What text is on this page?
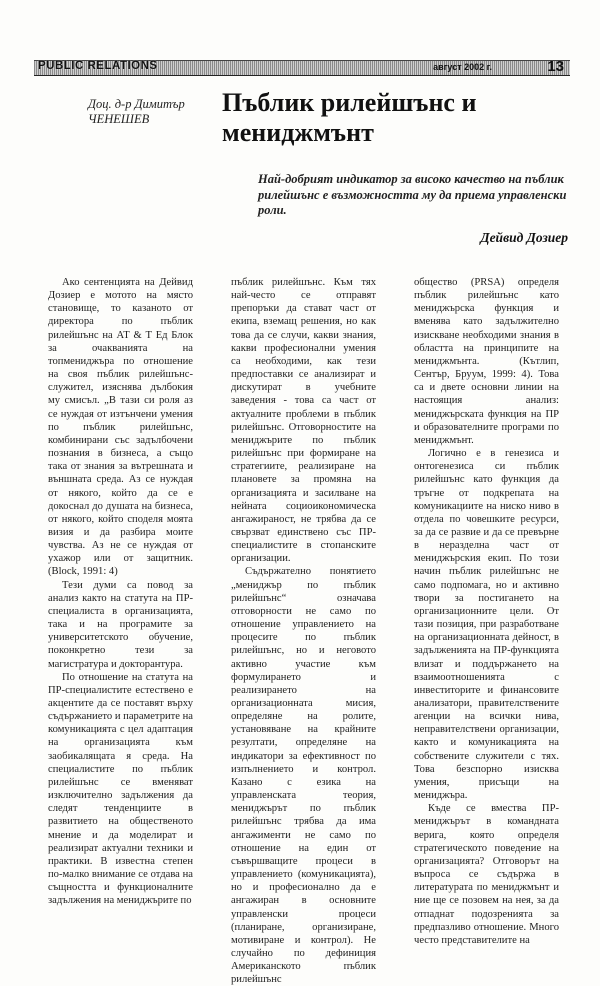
PUBLIC RELATIONS	август 2002 г.	13
Доц. д-р Димитър
ЧЕНЕШЕВ
Пъблик рилейшънс и мениджмънт
Най-добрият индикатор за високо качество на пъблик рилейшънс е възможността му да приема управленски роли.
Дейвид Дозиер

Ако сентенцията на Дейвид Дозиер е мотото на място становище, то казаното от директора по пъблик рилейшънс на АТ & Т Ед Блок за очакванията на топмениджъра по отношение на своя пъблик рилейшънс-служител, изяснява дълбокия му смисъл. „В тази си роля аз се нуждая от изтънчени умения по пъблик рилейшънс, комбинирани със задълбочени познания в бизнеса, а също така от знания за вътрешната и външната среда. Аз се нуждая от някого, който да се е докоснал до душата на бизнеса, от някого, който споделя моята визия и да разбира моите чувства. Аз не се нуждая от ухажор или от защитник. (Block, 1991: 4)

Тези думи са повод за анализ както на статута на ПР-специалиста в организацията, така и на програмите за университетското обучение, поконкретно тези за магистратура и докторантура.

По отношение на статута на ПР-специалистите естествено е акцентите да се поставят върху съдържанието и параметрите на комуникацията с цел адаптация на организацията към заобикалящата я среда. На специалистите по пъблик рилейшънс се вменяват изключително задължения да следят тенденциите в развитието на общественото мнение и да моделират и реализират актуални техники и практики. В известна степен по-малко внимание се отдава на същността и функционалните задължения на мениджърите по

пъблик рилейшънс. Към тях най-често се отправят препоръки да стават част от екипа, вземащ решения, но как това да се случи, какви знания, какви професионални умения са необходими, как тези предпоставки се анализират и дискутират в учебните заведения - това са част от актуалните проблеми в пъблик рилейшънс. Отговорностите на мениджърите по пъблик рилейшънс при формиране на стратегиите, реализиране на плановете за промяна на организацията и засилване на нейната социоикономическа ангажираност, не трябва да се свързват единствено със ПР-специалистите в стопанските организации.

Съдържателно понятието „мениджър по пъблик рилейшънс“ означава отговорности не само по отношение управлението на процесите по пъблик рилейшънс, но и неговото активно участие към формулирането и реализирането на организационната мисия, определяне на ролите, установяване на крайните резултати, определяне на индикатори за ефективност по изпълнението и контрол. Казано с езика на управленската теория, мениджърът по пъблик рилейшънс трябва да има ангажименти не само по отношение на един от съвършващите процеси в управлението (комуникацията), но и професионално да е ангажиран в основните управленски процеси (планиране, организиране, мотивиране и контрол). Не случайно по дефиниция Американското пъблик рилейшънс

общество (PRSA) определя пъблик рилейшънс като мениджърска функция и вменява като задължително изискване необходими знания в областта на принципите на мениджмънта. (Кътлип, Сентър, Бруум, 1999: 4). Това са и двете основни линии на настоящия анализ: мениджърската функция на ПР и образователните програми по мениджмънт.

Логично е в генезиса и онтогенезиса си пъблик рилейшънс като функция да тръгне от подкрепата на комуникациите на ниско ниво в отдела по човешките ресурси, за да се развие и да се превърне в неразделна част от мениджърския екип. По този начин пъблик рилейшънс не само подпомага, но и активно твори за постигането на организационните цели. От тази позиция, при разработване на организационната дейност, в задълженията на ПР-функцията влизат и поддържането на взаимоотношенията с инвеститорите и финансовите анализатори, правителствените агенции на всички нива, неправителствени организации, както и комуникацията на собствените служители с тях. Това безспорно изисква умения, присъщи на мениджъра.

Къде се вмества ПР-мениджърът в командната верига, която определя стратегическото поведение на организацията? Отговорът на въпроса се съдържа в литературата по мениджмънт и ние ще се позовем на нея, за да отпаднат подозренията за предпазливо отношение. Много често представителите на
